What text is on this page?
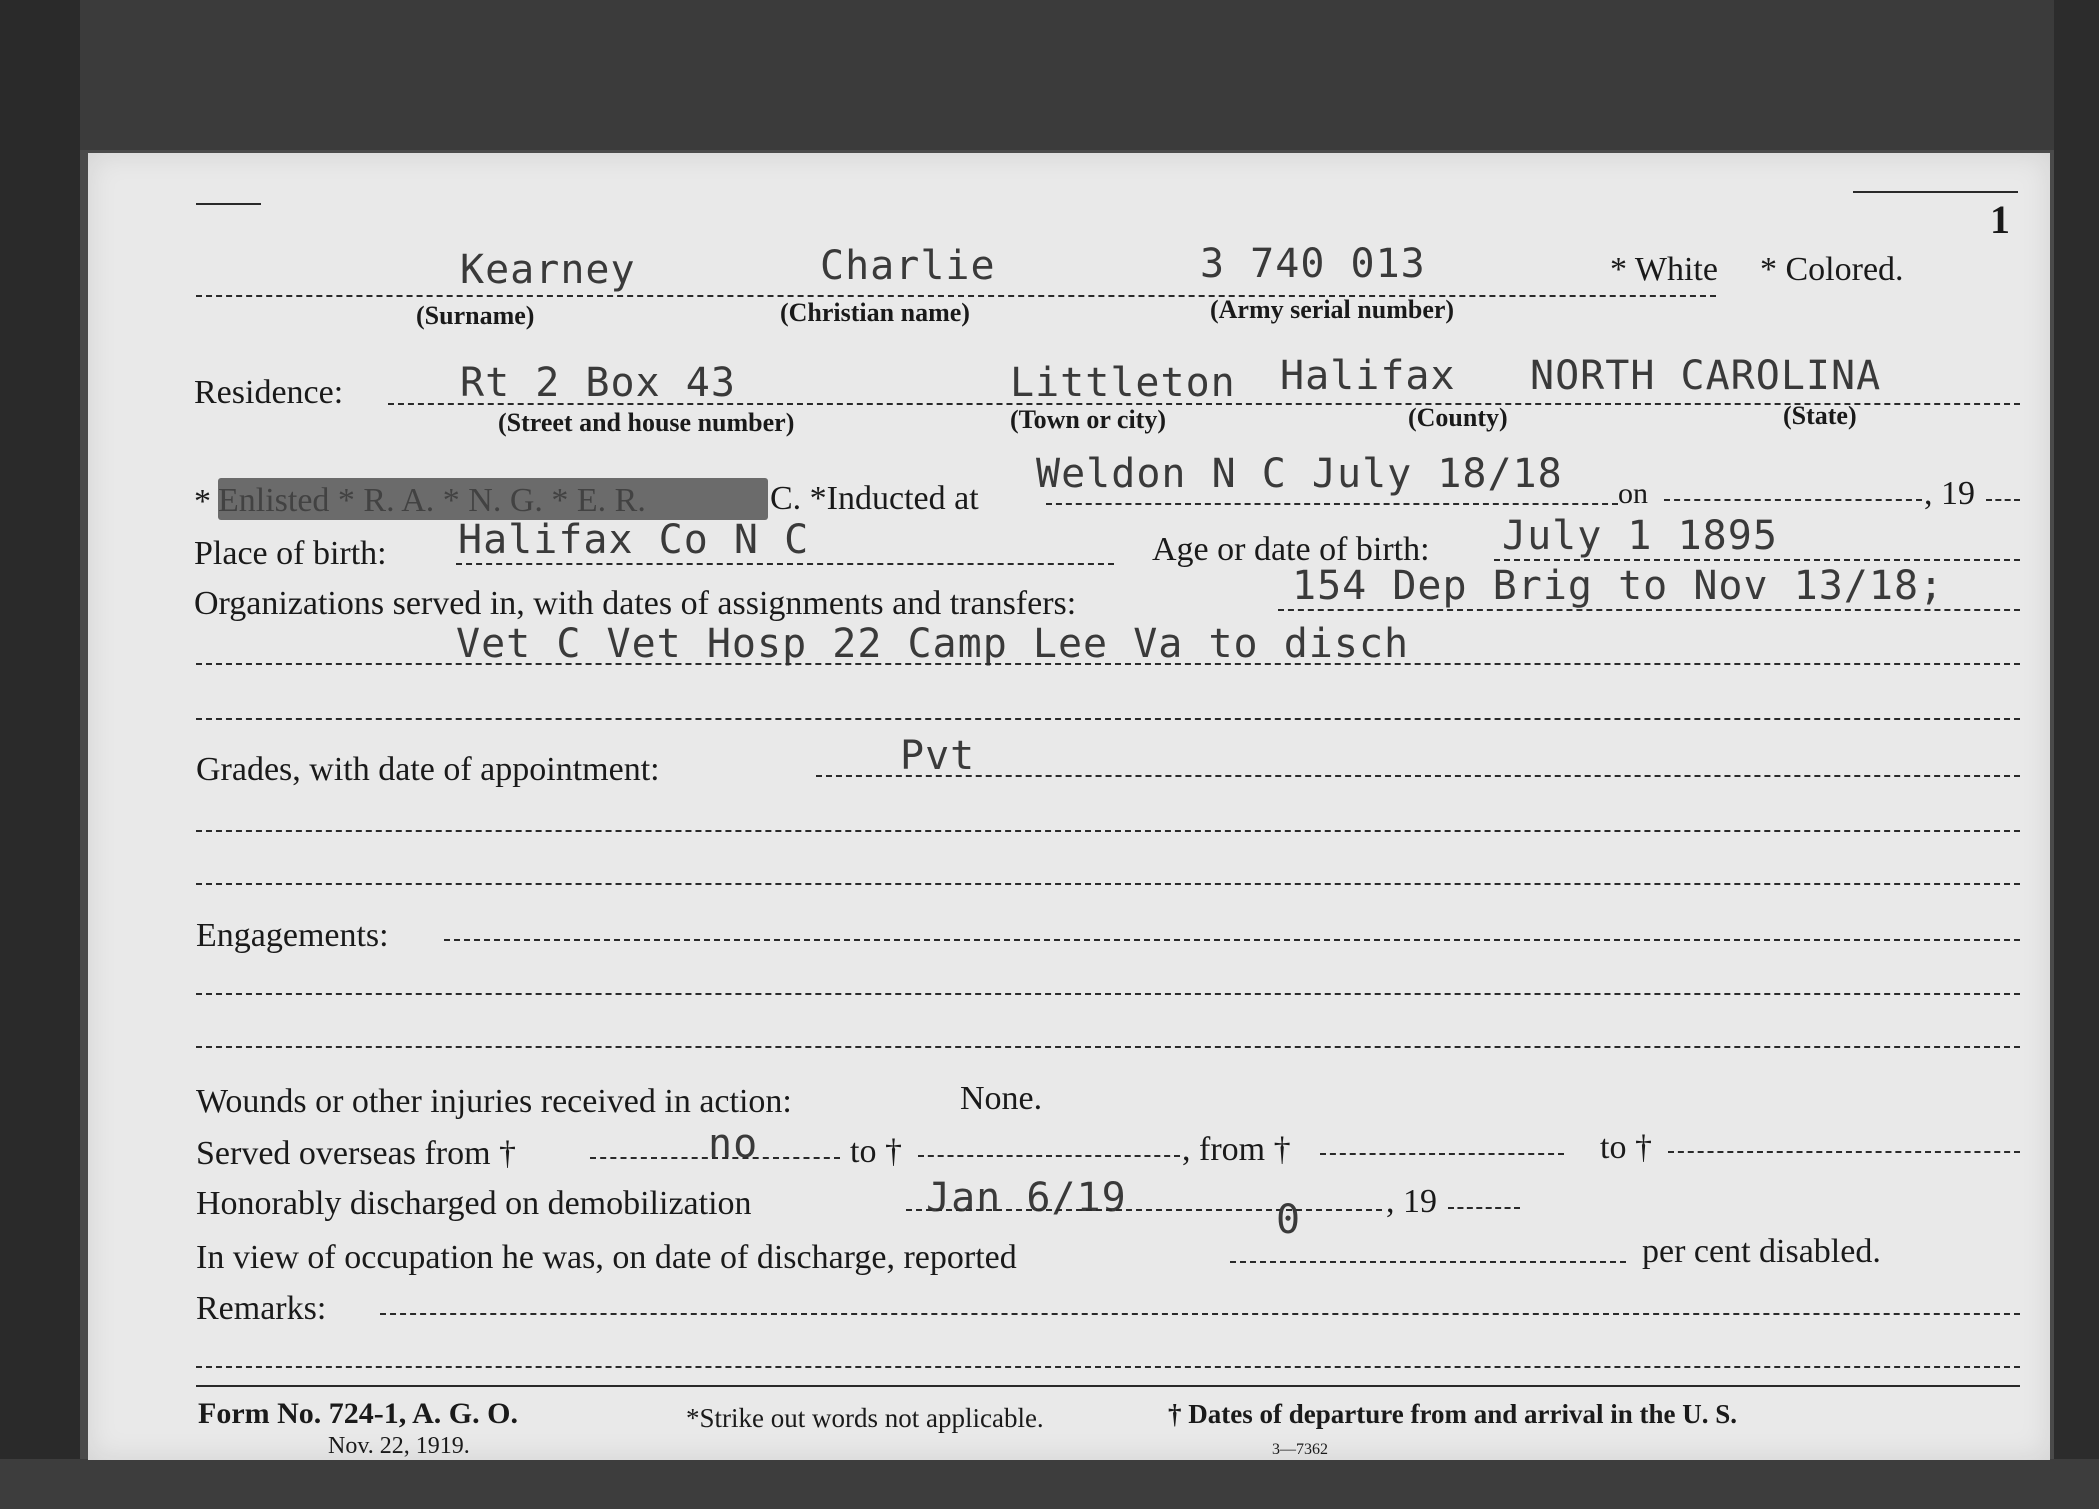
1
Kearney	Charlie	3 740 013	* White * Colored.
(Surname)	(Christian name)	(Army serial number)
Residence:	Rt 2 Box 43	Littleton Halifax NORTH CAROLINA
(Street and house number)	(Town or city)	(County)	(State)
* Enlisted * R. A. * N. G. * E. R.	C. *Inducted at
Weldon N C July 18/18 on	, 19
Place of birth: Halifax Co N C	Age or date of birth: July 1 1895
Organizations served in, with dates of assignments and transfers:	154 Dep Brig to Nov 13/18;
Vet C Vet Hosp 22 Camp Lee Va to disch
Grades, with date of appointment:	Pvt
Engagements:
Wounds or other injuries received in action:	None.
Served overseas from †	no	to †	, from †	to †
Honorably discharged on demobilization	Jan 6/19	, 19
In view of occupation he was, on date of discharge, reported
0
per cent disabled.
Remarks:
Form No. 724-1, A. G. O.
Nov. 22, 1919.
*Strike out words not applicable.	† Dates of departure from and arrival in the U. S.
3—7362
